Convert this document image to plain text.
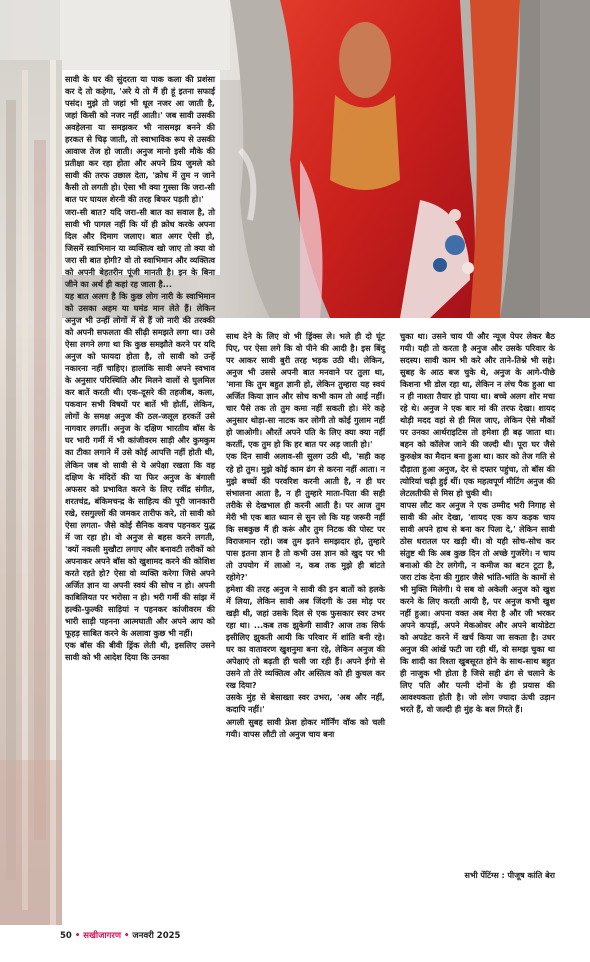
सावी के घर की सुंदरता या पाक कला की प्रशंसा कर दे तो कहेगा, 'अरे ये तो मैं ही हूं इतना सफाई पसंद। मुझे तो जहां भी धूल नजर आ जाती है, जहां किसी को नजर नहीं आती।' जब सावी उसकी अवहेलना या समझकर भी नासमझ बनने की हरकत से चिढ़ जाती, तो स्वाभाविक रूप से उसकी आवाज तेज हो जाती। अनुज मानो इसी मौके की प्रतीक्षा कर रहा होता और अपने प्रिय जुमले को सावी की तरफ उछाल देता, 'क्रोध में तुम न जाने कैसी तो लगती हो। ऐसा भी क्या गुस्सा कि जरा-सी बात पर घायल शेरनी की तरह बिफर पड़ती हो।'

जरा-सी बात? यदि जरा-सी बात का सवाल है, तो सावी भी पागल नहीं कि यों ही क्रोध करके अपना दिल और दिमाग जलाए। बात अगर ऐसी हो, जिसमें स्वाभिमान या व्यक्तित्व खो जाए तो क्या वो जरा सी बात होगी? वो तो स्वाभिमान और व्यक्तित्व को अपनी बेहतरीन पूंजी मानती है। इन के बिना जीने का अर्थ ही कहां रह जाता है...

यह बात अलग है कि कुछ लोग नारी के स्वाभिमान को उसका अहम या घमंड मान लेते हैं। लेकिन अनुज भी उन्हीं लोगों में से हैं जो नारी की तरक्की को अपनी सफलता की सीढ़ी समझते लगा था। उसे ऐसा लगने लगा था कि कुछ समझौते करने पर यदि अनुज को फायदा होता है, तो सावी को उन्हें नकारना नहीं चाहिए। हालांकि सावी अपने स्वभाव के अनुसार परिस्थिति और मिलने वालों से घुलमिल कर बातें करती थी। एक-दूसरे की तहजीब, कला, पकवान सभी विषयों पर बातें भी होतीं, लेकिन, लोगों के समक्ष अनुज की ठल-जलूल हरकतें उसे नागवार लगतीं। अनुज के दक्षिण भारतीय बॉस के घर भारी गर्मी में भी कांजीवरम साड़ी और कुमकुम का टीका लगाने में उसे कोई आपत्ति नहीं होती थी, लेकिन जब वो सावी से ये अपेक्षा रखता कि वह दक्षिण के मंदिरों की या फिर अनुज के बंगाली अफसर को प्रभावित करने के लिए रवींद्र संगीत, शरतचंद्र, बंकिमचन्द्र के साहित्य की पूरी जानकारी रखे, रसगुल्लों की जमकर तारीफ करे, तो सावी को ऐसा लगता- जैसे कोई सैनिक कवच पहनकर युद्ध में जा रहा हो। वो अनुज से बहस करने लगती, 'क्यों नकली मुखौटा लगाए और बनावटी तरीकों को अपनाकर अपने बॉस को खुशामद करने की कोशिश करते रहते हो? ऐसा वो व्यक्ति करेगा जिसे अपने अर्जित ज्ञान या अपनी स्वयं की सोच न हो। अपनी काबिलियत पर भरोसा न हो। भरी गर्मी की सांझ में हल्की-फुल्की साड़ियां न पहनकर कांजीवरम की भारी साड़ी पहनना आत्मघाती और अपने आप को फूहड़ साबित करने के अलावा कुछ भी नहीं।

एक बॉस की बीवी ड्रिंक लेती थी, इसलिए उसने सावी को भी आदेश दिया कि उनका

साथ देने के लिए वो भी ड्रिंक्स ले। भले ही दो घूंट पिए, पर ऐसा लगे कि वो पीने की आदी है। इस बिंदु पर आकर सावी बुरी तरह भड़क उठी थी। लेकिन, अनुज भी उससे अपनी बात मनवाने पर तुला था, 'माना कि तुम बहुत ज्ञानी हो, लेकिन तुम्हारा यह स्वयं अर्जित किया ज्ञान और सोच कभी काम तो आई नहीं। चार पैसे तक तो तुम कमा नहीं सकती हो। मेरे कहे अनुसार थोड़ा-सा नाटक कर लोगी तो कोई गुलाम नहीं हो जाओगी। औरतें अपने पति के लिए क्या क्या नहीं करतीं, एक तुम हो कि हर बात पर अड़ जाती हो।'

एक दिन सावी अलाव-सी सुलग उठी थी, 'सही कह रहे हो तुम। मुझे कोई काम ढंग से करना नहीं आता। न मुझे बच्चों की परवरिश करनी आती है, न ही घर संभालना आता है, न ही तुम्हारे माता-पिता की सही तरीके से देखभाल ही करनी आती है। पर आज तुम मेरी भी एक बात ध्यान से सुन लो कि यह जरूरी नहीं कि सबकुछ मैं ही करूं और तुम निटक की पोस्ट पर विराजमान रहो। जब तुम इतने समझदार हो, तुम्हारे पास इतना ज्ञान है तो कभी उस ज्ञान को खुद पर भी तो उपयोग में लाओ न, कब तक मुझे ही बांटते रहोगे?'

हमेशा की तरह अनुज ने सावी की इन बातों को हलके में लिया, लेकिन सावी अब जिंदगी के उस मोड़ पर खड़ी थी, जहां उसके दिल से एक फुसकार स्वर उभर रहा था। ...कब तक झुकेगी सावी? आज तक सिर्फ इसीलिए झुकती आयी कि परिवार में शांति बनी रहे। घर का वातावरण खुशनुमा बना रहे, लेकिन अनुज की अपेक्षाएं तो बढ़ती ही चली जा रही हैं। अपने ईगो से उसने तो तेरे व्यक्तित्व और अस्तित्व को ही कुचल कर रख दिया?

उसके मुंह से बेसाख्ता स्वर उभरा, 'अब और नहीं, कदापि नहीं।'

अगली सुबह सावी फ्रेश होकर मॉर्निंग वॉक को चली गयी। वापस लौटी तो अनुज चाय बना

चुका था। उसने चाय पी और न्यूज पेपर लेकर बैठ गयी। यही तो करता है अनुज और उसके परिवार के सदस्य। सावी काम भी करे और ताने-तिश्ने भी सहे। सुबह के आठ बज चुके थे, अनुज के आगे-पीछे किशना भी डोल रहा था, लेकिन न लंच पैक हुआ था न ही नाश्ता तैयार हो पाया था। बच्चे अलग शोर मचा रहे थे। अनुज ने एक बार मां की तरफ देखा। शायद थोड़ी मदद वहां से ही मिल जाए, लेकिन ऐसे मौकों पर उनका आर्थराइटिस तो हमेशा ही बढ़ जाता था। बहन को कॉलेज जाने की जल्दी थी। पूरा घर जैसे कुरुक्षेत्र का मैदान बना हुआ था। कार को तेज गति से दौड़ाता हुआ अनुज, देर से दफ्तर पहुंचा, तो बॉस की त्योरियां चढ़ी हुई थीं। एक महत्वपूर्ण मीटिंग अनुज की लेटलतीफी से मिस हो चुकी थी।

वापस लौट कर अनुज ने एक उम्मीद भरी निगाह से सावी की ओर देखा, 'शायद एक कप कड़क चाय सावी अपने हाथ से बना कर पिला दे,' लेकिन सावी ठोस धरातल पर खड़ी थी। वो यही सोच-सोच कर संतुष्ट थी कि अब कुछ दिन तो अच्छे गुजरेंगे। न चाय बनाओ की टेर लगेगी, न कमीज का बटन टूटा है, जरा टांक देना की गुहार जैसे भांति-भांति के कामों से भी मुक्ति मिलेगी। ये सब वो अकेली अनुज को खुश करने के लिए करती आयी है, पर अनुज कभी खुश नहीं हुआ। अपना वक्त अब मेरा है और जी भरकर अपने कपड़ों, अपने मेकओवर और अपने बायोडेटा को अपडेट करने में खर्च किया जा सकता है। उधर अनुज की आंखें फटी जा रही थीं, वो समझ चुका था कि शादी का रिश्ता खुबसूरत होने के साथ-साथ बहुत ही नाजुक भी होता है जिसे सही ढंग से चलाने के लिए पति और पत्नी दोनों के ही प्रयास की आवश्यकता होती है। जो लोग ज्यादा ऊंची उड़ान भरते हैं, वो जल्दी ही मुंह के बल गिरते हैं।

सभी पेंटिंग्स : पीजूष कांति बेरा
50 • सखीजागरण • जनवरी 2025
